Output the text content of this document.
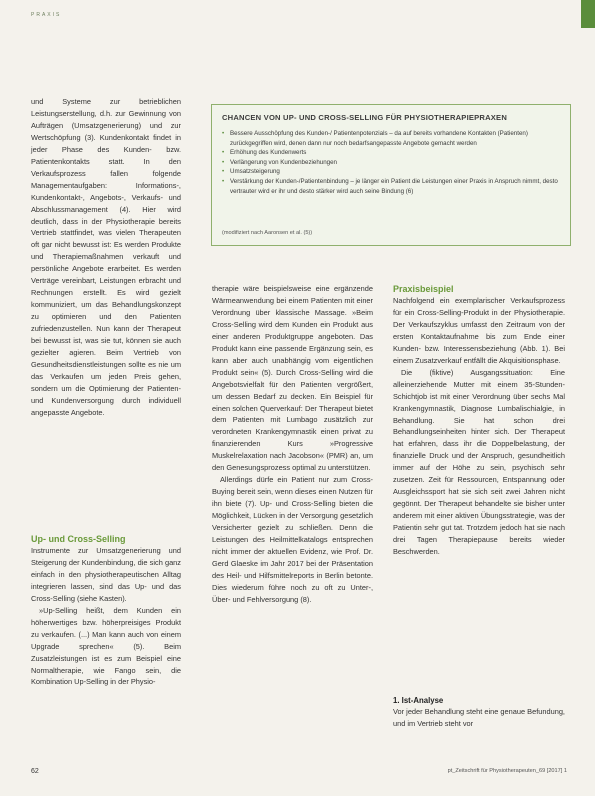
PRAXIS
CHANCEN VON UP- UND CROSS-SELLING FÜR PHYSIOTHERAPIEPRAXEN
• Bessere Ausschöpfung des Kunden-/ Patientenpotenzials – da auf bereits vorhandene Kontakten (Patienten) zurückgegriffen wird, denen dann nur noch bedarfsangepasste Angebote gemacht werden
• Erhöhung des Kundenwerts
• Verlängerung von Kundenbeziehungen
• Umsatzsteigerung
• Verstärkung der Kunden-/Patientenbindung – je länger ein Patient die Leistungen einer Praxis in Anspruch nimmt, desto vertrauter wird er ihr und desto stärker wird auch seine Bindung (6)
(modifiziert nach Aaronsen et al. (5))

und Systeme zur betrieblichen Leistungserstellung, d.h. zur Gewinnung von Aufträgen (Umsatzgenerierung) und zur Wertschöpfung (3). Kundenkontakt findet in jeder Phase des Kunden- bzw. Patientenkontakts statt. In den Verkaufsprozess fallen folgende Managementaufgaben: Informations-, Kundenkontakt-, Angebots-, Verkaufs- und Abschlussmanagement (4). Hier wird deutlich, dass in der Physiotherapie bereits Vertrieb stattfindet, was vielen Therapeuten oft gar nicht bewusst ist: Es werden Produkte und Therapiemaßnahmen verkauft und persönliche Angebote erarbeitet. Es werden Verträge vereinbart, Leistungen erbracht und Rechnungen erstellt. Es wird gezielt kommuniziert, um das Behandlungskonzept zu optimieren und den Patienten zufriedenzustellen. Nun kann der Therapeut bei bewusst ist, was sie tut, können sie auch gezielter agieren. Beim Vertrieb von Gesundheitsdienstleistungen sollte es nie um das Verkaufen um jeden Preis gehen, sondern um die Optimierung der Patienten- und Kundenversorgung durch individuell angepasste Angebote.

Up- und Cross-Selling

Instrumente zur Umsatzgenerierung und Steigerung der Kundenbindung, die sich ganz einfach in den physiotherapeutischen Alltag integrieren lassen, sind das Up- und das Cross-Selling (siehe Kasten).

»Up-Selling heißt, dem Kunden ein höherwertiges bzw. höherpreisiges Produkt zu verkaufen. (...) Man kann auch von einem Upgrade sprechen« (5). Beim Zusatzleistungen ist es zum Beispiel eine Normaltherapie, wie Fango sein, die Kombination Up-Selling in der Physio-

therapie wäre beispielsweise eine ergänzende Wärmeanwendung bei einem Patienten mit einer Verordnung über klassische Massage. »Beim Cross-Selling wird dem Kunden ein Produkt aus einer anderen Produktgruppe angeboten. Das Produkt kann eine passende Ergänzung sein, es kann aber auch unabhängig vom eigentlichen Produkt sein« (5). Durch Cross-Selling wird die Angebotsvielfalt für den Patienten vergrößert, um dessen Bedarf zu decken. Ein Beispiel für einen solchen Querverkauf: Der Therapeut bietet dem Patienten mit Lumbago zusätzlich zur verordneten Krankengymnastik einen privat zu finanzierenden Kurs »Progressive Muskelrelaxation nach Jacobson« (PMR) an, um den Genesungsprozess optimal zu unterstützen.

Allerdings dürfe ein Patient nur zum Cross-Buying bereit sein, wenn dieses einen Nutzen für ihn biete (7). Up- und Cross-Selling bieten die Möglichkeit, Lücken in der Versorgung gesetzlich Versicherter gezielt zu schließen. Denn die Leistungen des Heilmittelkatalogs entsprechen nicht immer der aktuellen Evidenz, wie Prof. Dr. Gerd Glaeske im Jahr 2017 bei der Präsentation des Heil- und Hilfsmittelreports in Berlin betonte. Dies wiederum führe noch zu oft zu Unter-, Über- und Fehlversorgung (8).

Praxisbeispiel

Nachfolgend ein exemplarischer Verkaufsprozess für ein Cross-Selling-Produkt in der Physiotherapie. Der Verkaufszyklus umfasst den Zeitraum von der ersten Kontaktaufnahme bis zum Ende einer Kunden- bzw. Interessensbeziehung (Abb. 1). Bei einem Zusatzverkauf entfällt die Akquisitionsphase.

Die (fiktive) Ausgangssituation: Eine alleinerziehende Mutter mit einem 35-Stunden-Schichtjob ist mit einer Verordnung über sechs Mal Krankengymnastik, Diagnose Lumbalischialgie, in Behandlung. Sie hat schon drei Behandlungseinheiten hinter sich. Der Therapeut hat erfahren, dass ihr die Doppelbelastung, der finanzielle Druck und der Anspruch, gesundheitlich immer auf der Höhe zu sein, psychisch sehr zusetzen. Zeit für Ressourcen, Entspannung oder Ausgleichssport hat sie sich seit zwei Jahren nicht gegönnt. Der Therapeut behandelte sie bisher unter anderem mit einer aktiven Übungsstrategie, was der Patientin sehr gut tat. Trotzdem jedoch hat sie nach drei Tagen Therapiepause bereits wieder Beschwerden.

1. Ist-Analyse

Vor jeder Behandlung steht eine genaue Befundung, und im Vertrieb steht vor

62	pt_Zeitschrift für Physiotherapeuten_69 [2017] 1
